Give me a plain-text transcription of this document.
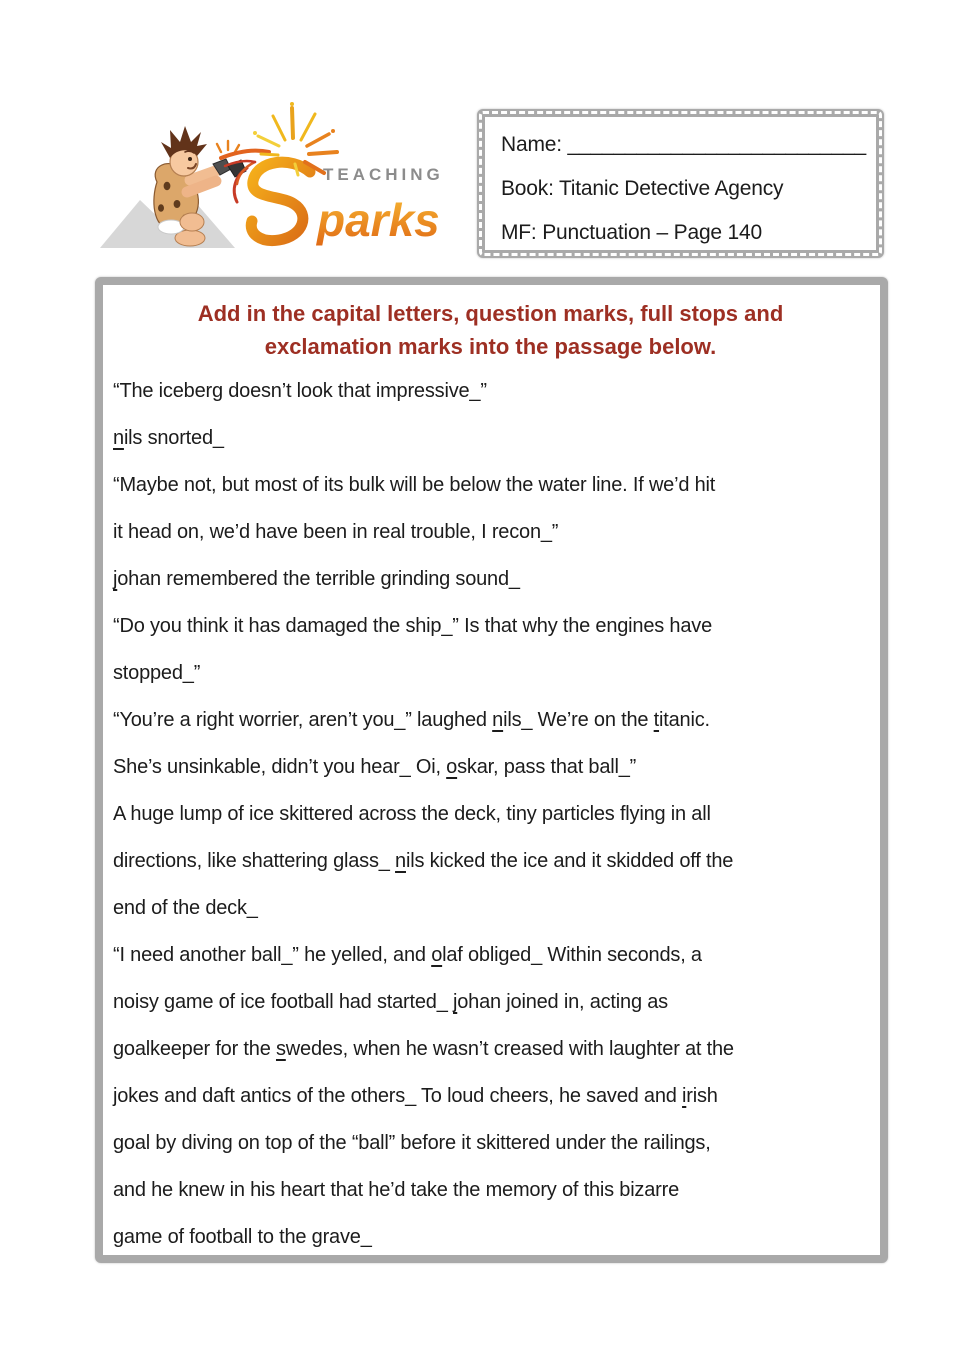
TEACHING
parks
Name: __________________________
Book: Titanic Detective Agency
MF: Punctuation – Page 140
Add in the capital letters, question marks, full stops and
exclamation marks into the passage below.

“The iceberg doesn’t look that impressive_”

nils snorted_

“Maybe not, but most of its bulk will be below the water line. If we’d hit

it head on, we’d have been in real trouble, I recon_”

johan remembered the terrible grinding sound_

“Do you think it has damaged the ship_” Is that why the engines have

stopped_”

“You’re a right worrier, aren’t you_” laughed nils_ We’re on the titanic.

She’s unsinkable, didn’t you hear_ Oi, oskar, pass that ball_”

A huge lump of ice skittered across the deck, tiny particles flying in all

directions, like shattering glass_ nils kicked the ice and it skidded off the

end of the deck_

“I need another ball_” he yelled, and olaf obliged_ Within seconds, a

noisy game of ice football had started_ johan joined in, acting as

goalkeeper for the swedes, when he wasn’t creased with laughter at the

jokes and daft antics of the others_ To loud cheers, he saved and irish

goal by diving on top of the “ball” before it skittered under the railings,

and he knew in his heart that he’d take the memory of this bizarre

game of football to the grave_
